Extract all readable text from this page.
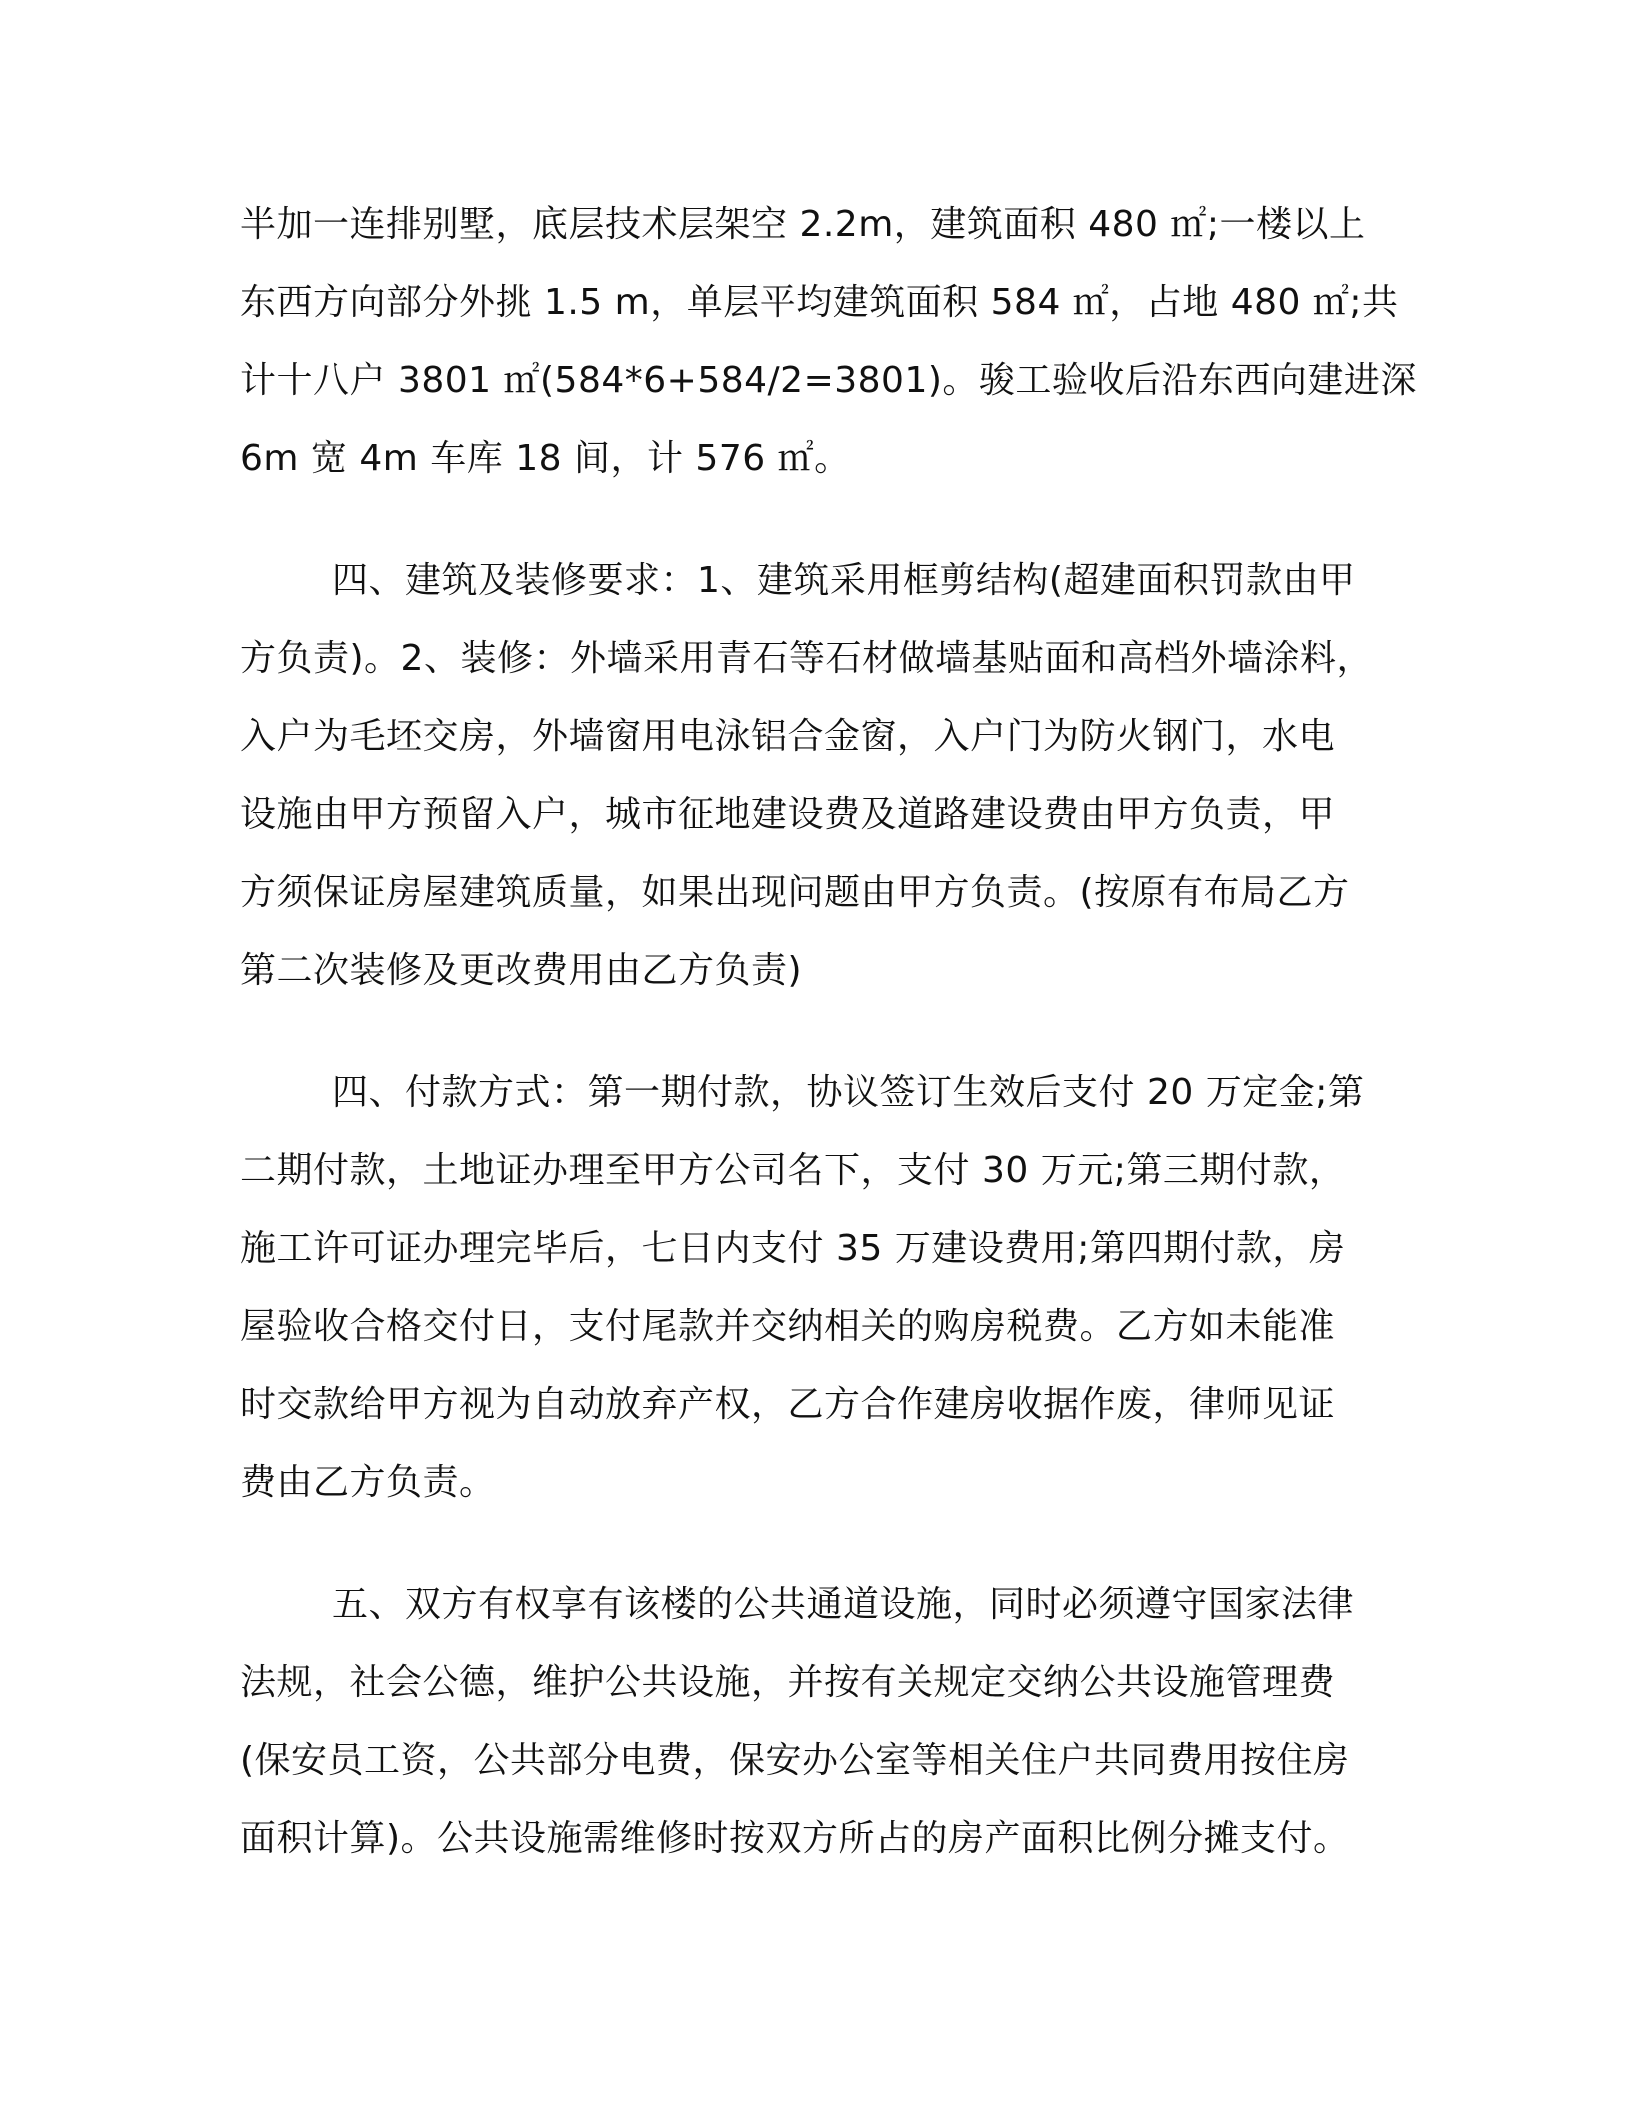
半加一连排别墅，底层技术层架空 2.2m，建筑面积 480 ㎡;一楼以上
东西方向部分外挑 1.5 m，单层平均建筑面积 584 ㎡，占地 480 ㎡;共
计十八户 3801 ㎡(584*6+584/2=3801)。骏工验收后沿东西向建进深
6m 宽 4m 车库 18 间，计 576 ㎡。
四、建筑及装修要求：1、建筑采用框剪结构(超建面积罚款由甲
方负责)。2、装修：外墙采用青石等石材做墙基贴面和高档外墙涂料，
入户为毛坯交房，外墙窗用电泳铝合金窗，入户门为防火钢门，水电
设施由甲方预留入户，城市征地建设费及道路建设费由甲方负责，甲
方须保证房屋建筑质量，如果出现问题由甲方负责。(按原有布局乙方
第二次装修及更改费用由乙方负责)
四、付款方式：第一期付款，协议签订生效后支付 20 万定金;第
二期付款，土地证办理至甲方公司名下，支付 30 万元;第三期付款，
施工许可证办理完毕后，七日内支付 35 万建设费用;第四期付款，房
屋验收合格交付日，支付尾款并交纳相关的购房税费。乙方如未能准
时交款给甲方视为自动放弃产权，乙方合作建房收据作废，律师见证
费由乙方负责。
五、双方有权享有该楼的公共通道设施，同时必须遵守国家法律
法规，社会公德，维护公共设施，并按有关规定交纳公共设施管理费
(保安员工资，公共部分电费，保安办公室等相关住户共同费用按住房
面积计算)。公共设施需维修时按双方所占的房产面积比例分摊支付。
